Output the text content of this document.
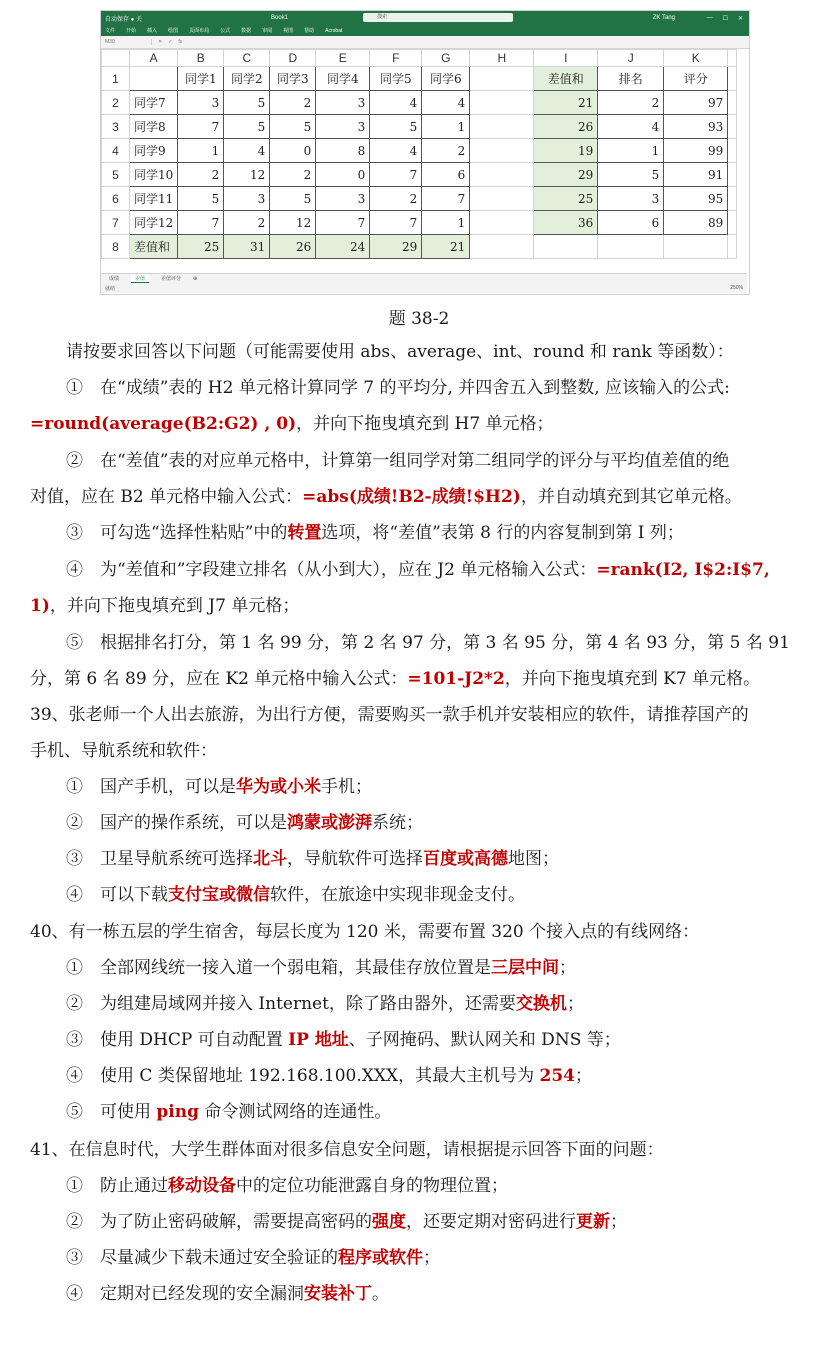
自动保存 ● 关	Book1	搜索	ZK Tang	— ☐ ✕
文件 开始 插入 绘图 页面布局 公式 数据 审阅 视图 帮助 Acrobat
M30	✕ ✓ fx
	A	B	C	D	E	F	G	H	I	J	K	
1		同学1	同学2	同学3	同学4	同学5	同学6		差值和	排名	评分	
2	同学7	3	5	2	3	4	4		21	2	97	
3	同学8	7	5	5	3	5	1		26	4	93	
4	同学9	1	4	0	8	4	2		19	1	99	
5	同学10	2	12	2	0	7	6		29	5	91	
6	同学11	5	3	5	3	2	7		25	3	95	
7	同学12	7	2	12	7	7	1		36	6	89	
8	差值和	25	31	26	24	29	21					
成绩	差值	差值评分	⊕
就绪	250%
题 38-2
请按要求回答以下问题（可能需要使用 abs、average、int、round 和 rank 等函数）：
①　在“成绩”表的 H2 单元格计算同学 7 的平均分, 并四舍五入到整数, 应该输入的公式:
=round(average(B2:G2) , 0)，并向下拖曳填充到 H7 单元格；
②　在“差值”表的对应单元格中，计算第一组同学对第二组同学的评分与平均值差值的绝
对值，应在 B2 单元格中输入公式：=abs(成绩!B2-成绩!$H2)，并自动填充到其它单元格。
③　可勾选“选择性粘贴”中的转置选项，将“差值”表第 8 行的内容复制到第 I 列；
④　为“差值和”字段建立排名（从小到大），应在 J2 单元格输入公式：=rank(I2, I$2:I$7,
1)，并向下拖曳填充到 J7 单元格；
⑤　根据排名打分，第 1 名 99 分，第 2 名 97 分，第 3 名 95 分，第 4 名 93 分，第 5 名 91
分，第 6 名 89 分，应在 K2 单元格中输入公式：=101-J2*2，并向下拖曳填充到 K7 单元格。
39、张老师一个人出去旅游，为出行方便，需要购买一款手机并安装相应的软件，请推荐国产的
手机、导航系统和软件：
①　国产手机，可以是华为或小米手机；
②　国产的操作系统，可以是鸿蒙或澎湃系统；
③　卫星导航系统可选择北斗，导航软件可选择百度或高德地图；
④　可以下载支付宝或微信软件，在旅途中实现非现金支付。
40、有一栋五层的学生宿舍，每层长度为 120 米，需要布置 320 个接入点的有线网络：
①　全部网线统一接入道一个弱电箱，其最佳存放位置是三层中间；
②　为组建局域网并接入 Internet，除了路由器外，还需要交换机；
③　使用 DHCP 可自动配置 IP 地址、子网掩码、默认网关和 DNS 等；
④　使用 C 类保留地址 192.168.100.XXX，其最大主机号为 254；
⑤　可使用 ping 命令测试网络的连通性。
41、在信息时代，大学生群体面对很多信息安全问题，请根据提示回答下面的问题：
①　防止通过移动设备中的定位功能泄露自身的物理位置；
②　为了防止密码破解，需要提高密码的强度，还要定期对密码进行更新；
③　尽量减少下载未通过安全验证的程序或软件；
④　定期对已经发现的安全漏洞安装补丁。
